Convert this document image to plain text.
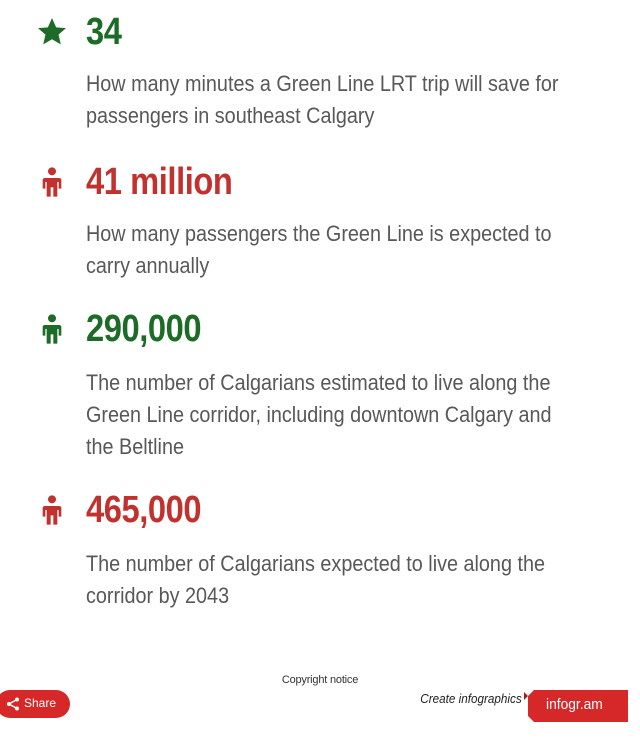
34
How many minutes a Green Line LRT trip will save for
passengers in southeast Calgary
41 million
How many passengers the Green Line is expected to
carry annually
290,000
The number of Calgarians estimated to live along the
Green Line corridor, including downtown Calgary and
the Beltline
465,000
The number of Calgarians expected to live along the
corridor by 2043
Copyright notice
Share	Create infographics infogr.am
